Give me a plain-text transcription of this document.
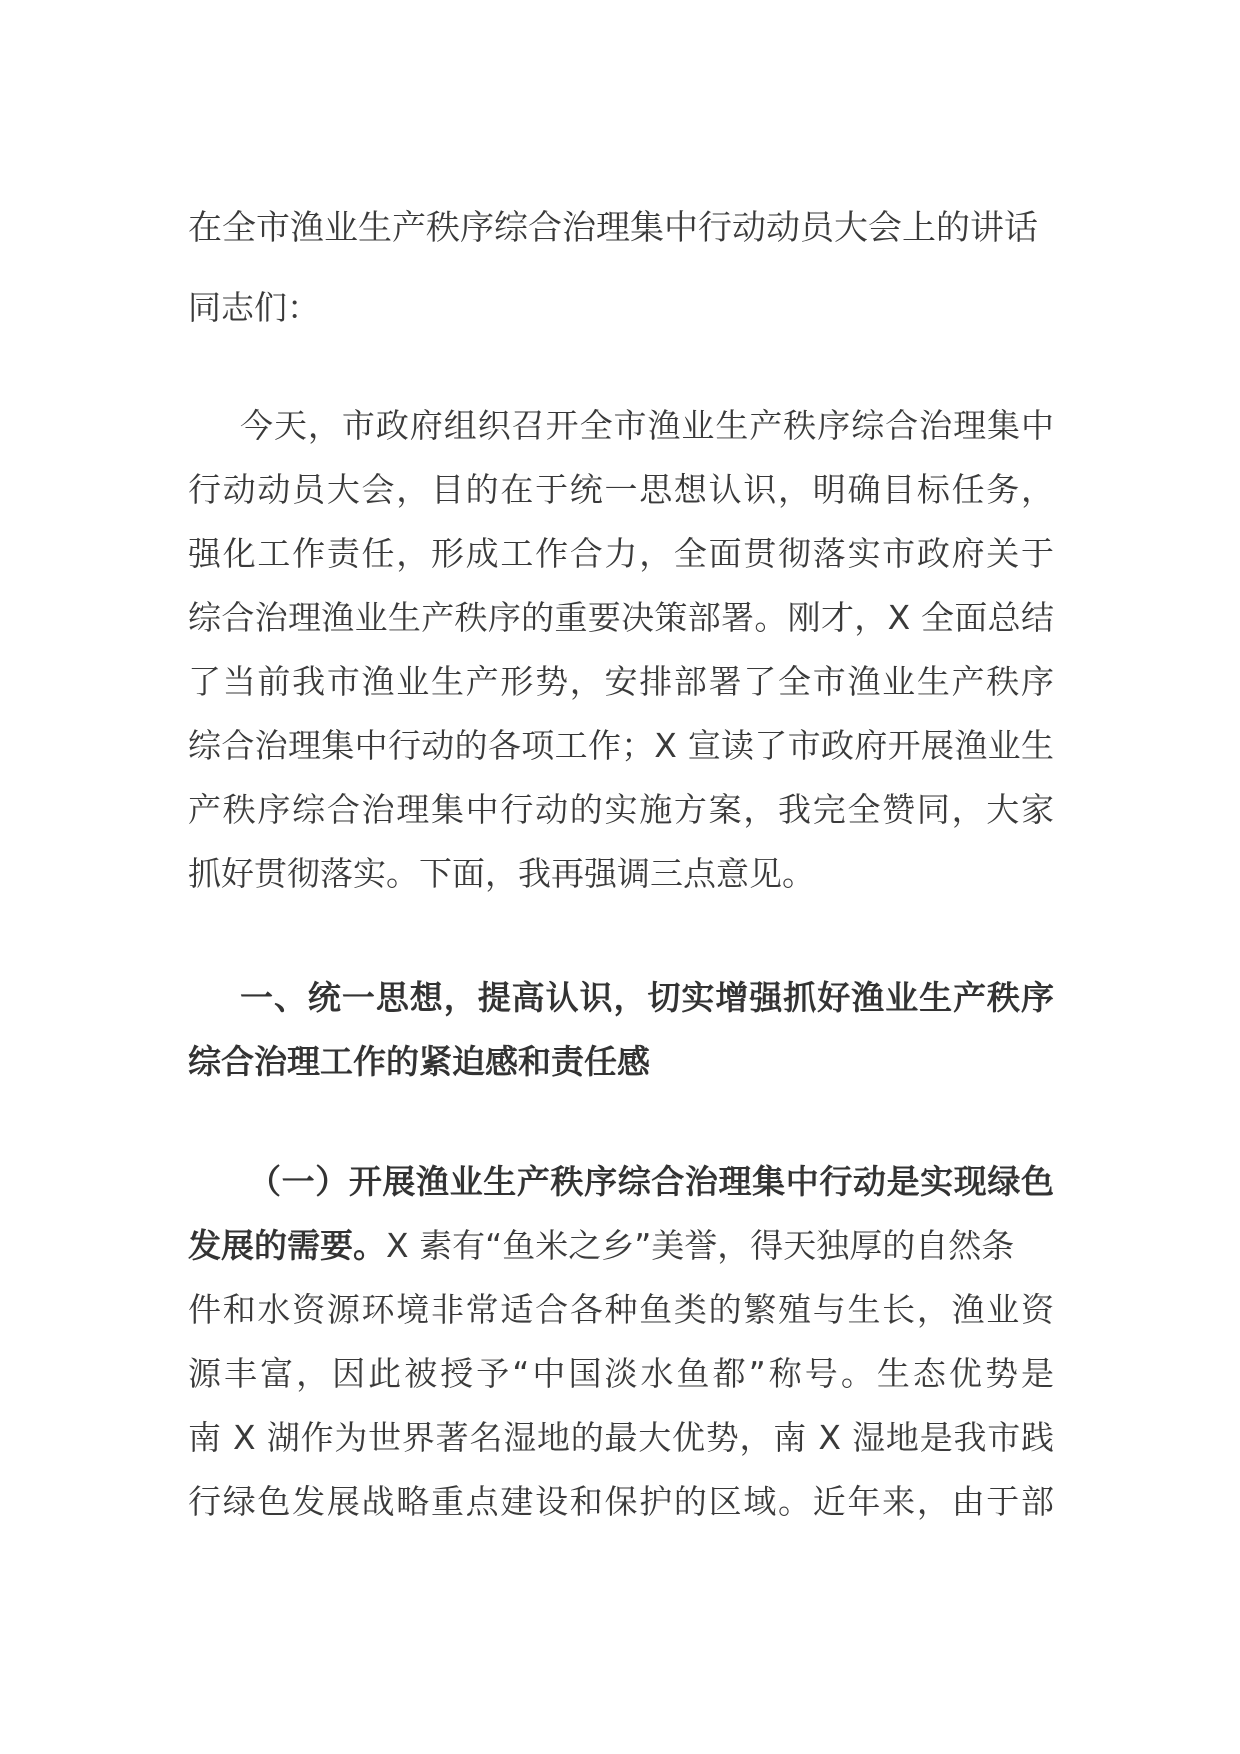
在全市渔业生产秩序综合治理集中行动动员大会上的讲话

同志们：

今天，市政府组织召开全市渔业生产秩序综合治理集中

行动动员大会，目的在于统一思想认识，明确目标任务，

强化工作责任，形成工作合力，全面贯彻落实市政府关于

综合治理渔业生产秩序的重要决策部署。刚才，X 全面总结

了当前我市渔业生产形势，安排部署了全市渔业生产秩序

综合治理集中行动的各项工作；X 宣读了市政府开展渔业生

产秩序综合治理集中行动的实施方案，我完全赞同，大家

抓好贯彻落实。下面，我再强调三点意见。

一、统一思想，提高认识，切实增强抓好渔业生产秩序

综合治理工作的紧迫感和责任感

（一）开展渔业生产秩序综合治理集中行动是实现绿色

发展的需要。X 素有“鱼米之乡”美誉，得天独厚的自然条

件和水资源环境非常适合各种鱼类的繁殖与生长，渔业资

源丰富，因此被授予“中国淡水鱼都”称号。生态优势是

南 X 湖作为世界著名湿地的最大优势，南 X 湿地是我市践

行绿色发展战略重点建设和保护的区域。近年来，由于部
